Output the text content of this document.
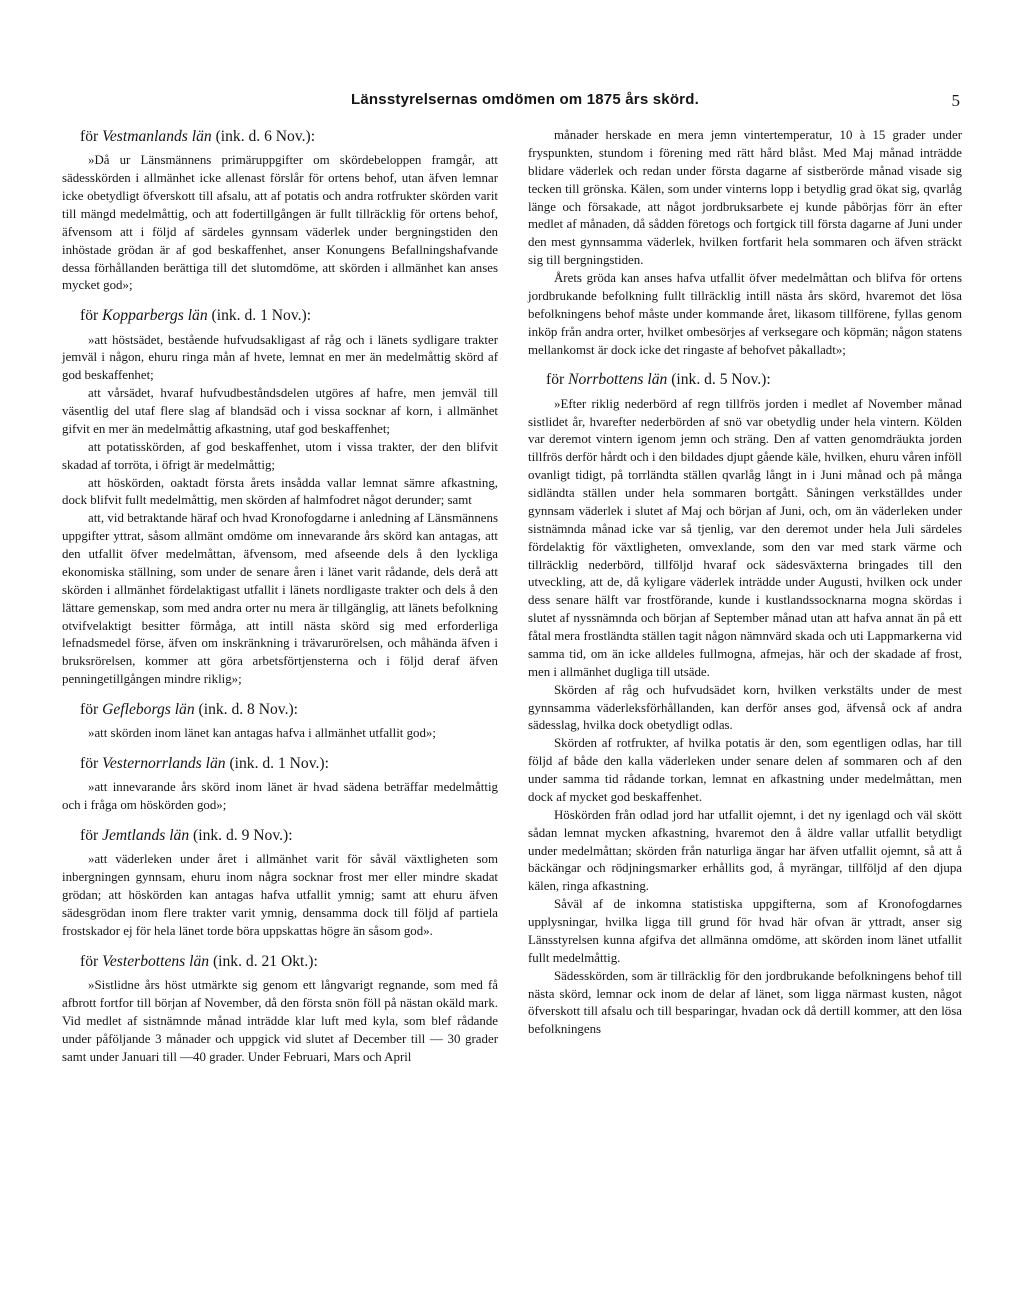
Länsstyrelsernas omdömen om 1875 års skörd.	5
för Vestmanlands län (ink. d. 6 Nov.):

»Då ur Länsmännens primäruppgifter om skördebeloppen framgår, att sädesskörden i allmänhet icke allenast förslår för ortens behof, utan äfven lemnar icke obetydligt öfverskott till afsalu, att af potatis och andra rotfrukter skörden varit till mängd medelmåttig, och att fodertillgången är fullt tillräcklig för ortens behof, äfvensom att i följd af särdeles gynnsam väderlek under bergningstiden den inhöstade grödan är af god beskaffenhet, anser Konungens Befallningshafvande dessa förhållanden berättiga till det slutomdöme, att skörden i allmänhet kan anses mycket god»;

för Kopparbergs län (ink. d. 1 Nov.):

»att höstsädet, bestående hufvudsakligast af råg och i länets sydligare trakter jemväl i någon, ehuru ringa mån af hvete, lemnat en mer än medelmåttig skörd af god beskaffenhet;

att vårsädet, hvaraf hufvudbeståndsdelen utgöres af hafre, men jemväl till väsentlig del utaf flere slag af blandsäd och i vissa socknar af korn, i allmänhet gifvit en mer än medelmåttig afkastning, utaf god beskaffenhet;

att potatisskörden, af god beskaffenhet, utom i vissa trakter, der den blifvit skadad af torröta, i öfrigt är medelmåttig;

att höskörden, oaktadt första årets insådda vallar lemnat sämre afkastning, dock blifvit fullt medelmåttig, men skörden af halmfodret något derunder; samt

att, vid betraktande häraf och hvad Kronofogdarne i anledning af Länsmännens uppgifter yttrat, såsom allmänt omdöme om innevarande års skörd kan antagas, att den utfallit öfver medelmåttan, äfvensom, med afseende dels å den lyckliga ekonomiska ställning, som under de senare åren i länet varit rådande, dels derå att skörden i allmänhet fördelaktigast utfallit i länets nordligaste trakter och dels å den lättare gemenskap, som med andra orter nu mera är tillgänglig, att länets befolkning otvifvelaktigt besitter förmåga, att intill nästa skörd sig med erforderliga lefnadsmedel förse, äfven om inskränkning i trävarurörelsen, och måhända äfven i bruksrörelsen, kommer att göra arbetsförtjensterna och i följd deraf äfven penningetillgången mindre riklig»;

för Gefleborgs län (ink. d. 8 Nov.):

»att skörden inom länet kan antagas hafva i allmänhet utfallit god»;

för Vesternorrlands län (ink. d. 1 Nov.):

»att innevarande års skörd inom länet är hvad sädena beträffar medelmåttig och i fråga om höskörden god»;

för Jemtlands län (ink. d. 9 Nov.):

»att väderleken under året i allmänhet varit för såväl växtligheten som inbergningen gynnsam, ehuru inom några socknar frost mer eller mindre skadat grödan; att höskörden kan antagas hafva utfallit ymnig; samt att ehuru äfven sädesgrödan inom flere trakter varit ymnig, densamma dock till följd af partiela frostskador ej för hela länet torde böra uppskattas högre än såsom god».

för Vesterbottens län (ink. d. 21 Okt.):

»Sistlidne års höst utmärkte sig genom ett långvarigt regnande, som med få afbrott fortfor till början af November, då den första snön föll på nästan okäld mark. Vid medlet af sistnämnde månad inträdde klar luft med kyla, som blef rådande under påföljande 3 månader och uppgick vid slutet af December till — 30 grader samt under Januari till —40 grader. Under Februari, Mars och April

månader herskade en mera jemn vintertemperatur, 10 à 15 grader under fryspunkten, stundom i förening med rätt hård blåst. Med Maj månad inträdde blidare väderlek och redan under första dagarne af sistberörde månad visade sig tecken till grönska. Kälen, som under vinterns lopp i betydlig grad ökat sig, qvarlåg länge och försakade, att något jordbruksarbete ej kunde påbörjas förr än efter medlet af månaden, då sådden företogs och fortgick till första dagarne af Juni under den mest gynnsamma väderlek, hvilken fortfarit hela sommaren och äfven sträckt sig till bergningstiden.

Årets gröda kan anses hafva utfallit öfver medelmåttan och blifva för ortens jordbrukande befolkning fullt tillräcklig intill nästa års skörd, hvaremot det lösa befolkningens behof måste under kommande året, likasom tillförene, fyllas genom inköp från andra orter, hvilket ombesörjes af verksegare och köpmän; någon statens mellankomst är dock icke det ringaste af behofvet påkalladt»;

för Norrbottens län (ink. d. 5 Nov.):

»Efter riklig nederbörd af regn tillfrös jorden i medlet af November månad sistlidet år, hvarefter nederbörden af snö var obetydlig under hela vintern. Kölden var deremot vintern igenom jemn och sträng. Den af vatten genomdräukta jorden tillfrös derför hårdt och i den bildades djupt gående käle, hvilken, ehuru våren inföll ovanligt tidigt, på torrländta ställen qvarlåg långt in i Juni månad och på många sidländta ställen under hela sommaren bortgått. Såningen verkställdes under gynnsam väderlek i slutet af Maj och början af Juni, och, om än väderleken under sistnämnda månad icke var så tjenlig, var den deremot under hela Juli särdeles fördelaktig för växtligheten, omvexlande, som den var med stark värme och tillräcklig nederbörd, tillföljd hvaraf ock sädesväxterna bringades till den utveckling, att de, då kyligare väderlek inträdde under Augusti, hvilken ock under dess senare hälft var frostförande, kunde i kustlandssocknarna mogna skördas i slutet af nyssnämnda och början af September månad utan att hafva annat än på ett fåtal mera frostländta ställen tagit någon nämnvärd skada och uti Lappmarkerna vid samma tid, om än icke alldeles fullmogna, afmejas, här och der skadade af frost, men i allmänhet dugliga till utsäde.

Skörden af råg och hufvudsädet korn, hvilken verkstälts under de mest gynnsamma väderleksförhållanden, kan derför anses god, äfvenså ock af andra sädesslag, hvilka dock obetydligt odlas.

Skörden af rotfrukter, af hvilka potatis är den, som egentligen odlas, har till följd af både den kalla väderleken under senare delen af sommaren och af den under samma tid rådande torkan, lemnat en afkastning under medelmåttan, men dock af mycket god beskaffenhet.

Höskörden från odlad jord har utfallit ojemnt, i det ny igenlagd och väl skött sådan lemnat mycken afkastning, hvaremot den å äldre vallar utfallit betydligt under medelmåttan; skörden från naturliga ängar har äfven utfallit ojemnt, så att å bäckängar och rödjningsmarker erhållits god, å myrängar, tillföljd af den djupa kälen, ringa afkastning.

Såväl af de inkomna statistiska uppgifterna, som af Kronofogdarnes upplysningar, hvilka ligga till grund för hvad här ofvan är yttradt, anser sig Länsstyrelsen kunna afgifva det allmänna omdöme, att skörden inom länet utfallit fullt medelmåttig.

Sädesskörden, som är tillräcklig för den jordbrukande befolkningens behof till nästa skörd, lemnar ock inom de delar af länet, som ligga närmast kusten, något öfverskott till afsalu och till besparingar, hvadan ock då dertill kommer, att den lösa befolkningens
